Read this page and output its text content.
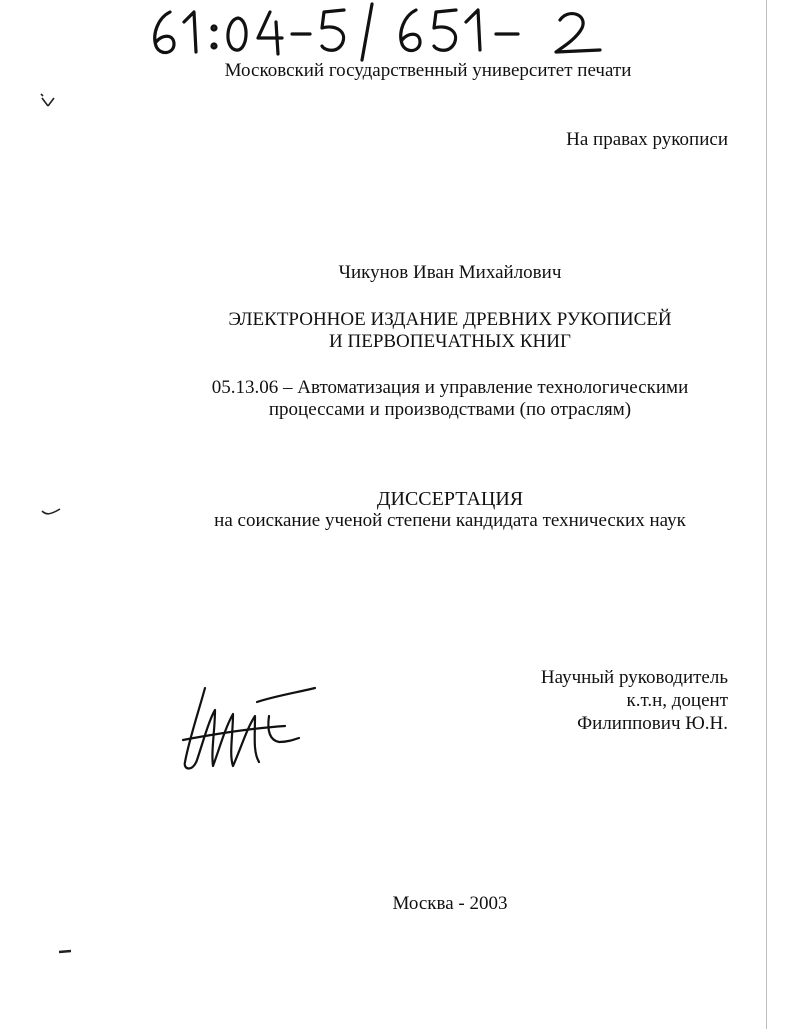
Московский государственный университет печати
На правах рукописи
Чикунов Иван Михайлович
ЭЛЕКТРОННОЕ ИЗДАНИЕ ДРЕВНИХ РУКОПИСЕЙ
И ПЕРВОПЕЧАТНЫХ КНИГ
05.13.06 – Автоматизация и управление технологическими
процессами и производствами (по отраслям)
ДИССЕРТАЦИЯ
на соискание ученой степени кандидата технических наук
Научный руководитель
к.т.н, доцент
Филиппович Ю.Н.
Москва - 2003
